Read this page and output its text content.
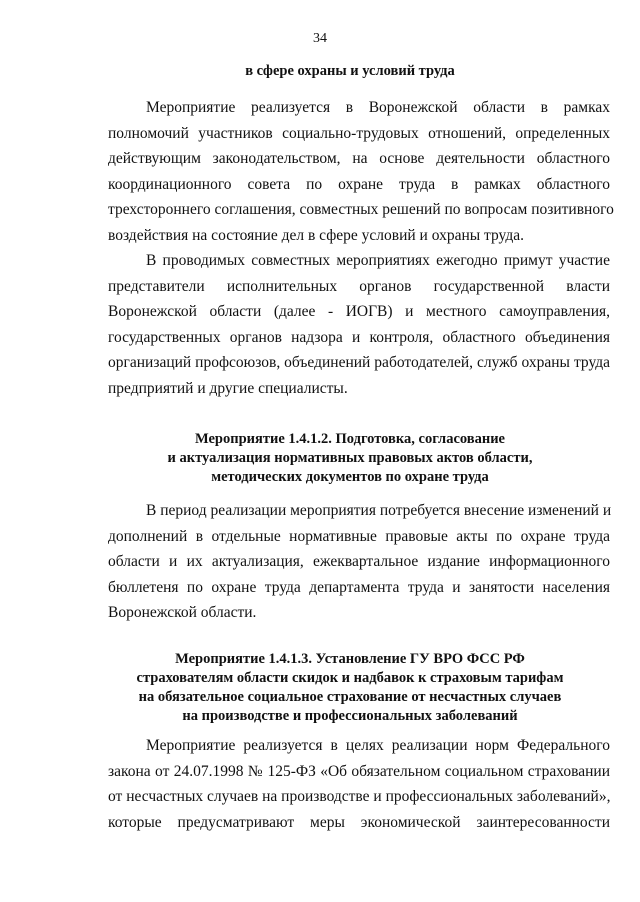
34

в сфере охраны и условий труда

Мероприятие реализуется в Воронежской области в рамках
полномочий участников социально-трудовых отношений, определенных
действующим законодательством, на основе деятельности областного
координационного совета по охране труда в рамках областного
трехстороннего соглашения, совместных решений по вопросам позитивного
воздействия на состояние дел в сфере условий и охраны труда.
В проводимых совместных мероприятиях ежегодно примут участие
представители исполнительных органов государственной власти
Воронежской области (далее - ИОГВ) и местного самоуправления,
государственных органов надзора и контроля, областного объединения
организаций профсоюзов, объединений работодателей, служб охраны труда
предприятий и другие специалисты.
Мероприятие 1.4.1.2. Подготовка, согласование
и актуализация нормативных правовых актов области,
методических документов по охране труда
В период реализации мероприятия потребуется внесение изменений и
дополнений в отдельные нормативные правовые акты по охране труда
области и их актуализация, ежеквартальное издание информационного
бюллетеня по охране труда департамента труда и занятости населения
Воронежской области.
Мероприятие 1.4.1.3. Установление ГУ ВРО ФСС РФ
страхователям области скидок и надбавок к страховым тарифам
на обязательное социальное страхование от несчастных случаев
на производстве и профессиональных заболеваний
Мероприятие реализуется в целях реализации норм Федерального
закона от 24.07.1998 № 125-ФЗ «Об обязательном социальном страховании
от несчастных случаев на производстве и профессиональных заболеваний»,
которые предусматривают меры экономической заинтересованности
